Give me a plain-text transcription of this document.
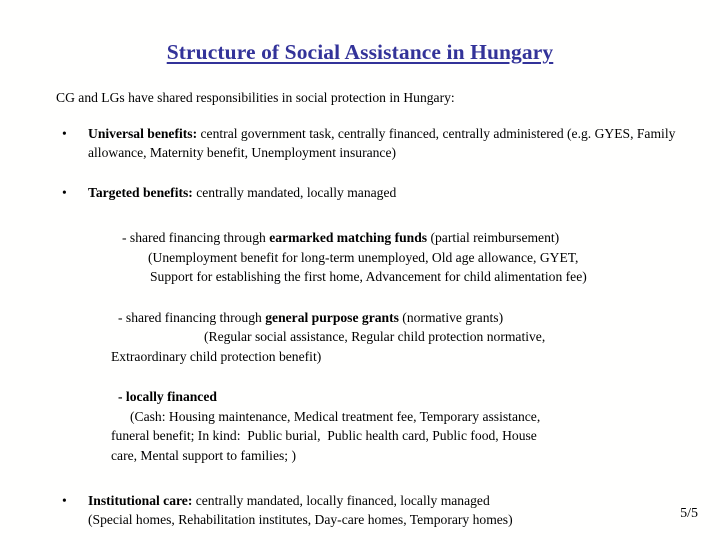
Structure of Social Assistance in Hungary

CG and LGs have shared responsibilities in social protection in Hungary:

• Universal benefits: central government task, centrally financed, centrally administered (e.g. GYES, Family allowance, Maternity benefit, Unemployment insurance)
• Targeted benefits: centrally mandated, locally managed
- shared financing through earmarked matching funds (partial reimbursement)
(Unemployment benefit for long-term unemployed, Old age allowance, GYET,
Support for establishing the first home, Advancement for child alimentation fee)
- shared financing through general purpose grants (normative grants)
(Regular social assistance, Regular child protection normative,
Extraordinary child protection benefit)
- locally financed
(Cash: Housing maintenance, Medical treatment fee, Temporary assistance,
funeral benefit; In kind:  Public burial,  Public health card, Public food, House
care, Mental support to families; )
• Institutional care: centrally mandated, locally financed, locally managed
(Special homes, Rehabilitation institutes, Day-care homes, Temporary homes)	5/5
